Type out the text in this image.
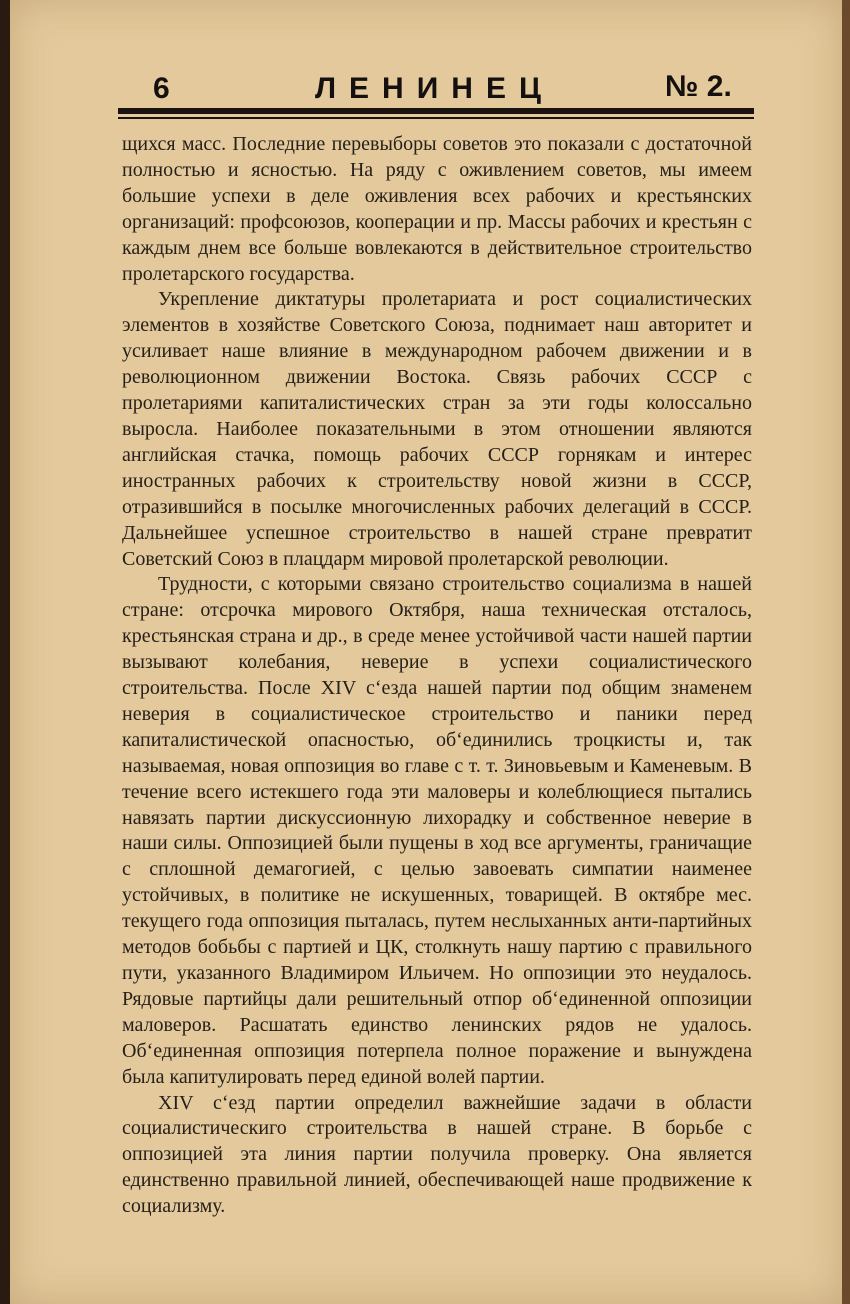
6	ЛЕНИНЕЦ	№ 2.

щихся масс. Последние перевыборы советов это показали с достаточной полностью и ясностью. На ряду с оживлением советов, мы имеем большие успехи в деле оживления всех рабочих и крестьянских организаций: профсоюзов, кооперации и пр. Массы рабочих и крестьян с каждым днем все больше вовлекаются в действительное строительство пролетарского государства.

Укрепление диктатуры пролетариата и рост социалистических элементов в хозяйстве Советского Союза, поднимает наш авторитет и усиливает наше влияние в международном рабочем движении и в революционном движении Востока. Связь рабочих СССР с пролетариями капиталистических стран за эти годы колоссально выросла. Наиболее показательными в этом отношении являются английская стачка, помощь рабочих СССР горнякам и интерес иностранных рабочих к строительству новой жизни в СССР, отразившийся в посылке многочисленных рабочих делегаций в СССР. Дальнейшее успешное строительство в нашей стране превратит Советский Союз в плацдарм мировой пролетарской революции.

Трудности, с которыми связано строительство социализма в нашей стране: отсрочка мирового Октября, наша техническая отсталось, крестьянская страна и др., в среде менее устойчивой части нашей партии вызывают колебания, неверие в успехи социалистического строительства. После XIV с‘езда нашей партии под общим знаменем неверия в социалистическое строительство и паники перед капиталистической опасностью, об‘единились троцкисты и, так называемая, новая оппозиция во главе с т. т. Зиновьевым и Каменевым. В течение всего истекшего года эти маловеры и колеблющиеся пытались навязать партии дискуссионную лихорадку и собственное неверие в наши силы. Оппозицией были пущены в ход все аргументы, граничащие с сплошной демагогией, с целью завоевать симпатии наименее устойчивых, в политике не искушенных, товарищей. В октябре мес. текущего года оппозиция пыталась, путем неслыханных анти-партийных методов бобьбы с партией и ЦК, столкнуть нашу партию с правильного пути, указанного Владимиром Ильичем. Но оппозиции это неудалось. Рядовые партийцы дали решительный отпор об‘единенной оппозиции маловеров. Расшатать единство ленинских рядов не удалось. Об‘единенная оппозиция потерпела полное поражение и вынуждена была капитулировать перед единой волей партии.

XIV с‘езд партии определил важнейшие задачи в области социалистическиго строительства в нашей стране. В борьбе с оппозицией эта линия партии получила проверку. Она является единственно правильной линией, обеспечивающей наше продвижение к социализму.
